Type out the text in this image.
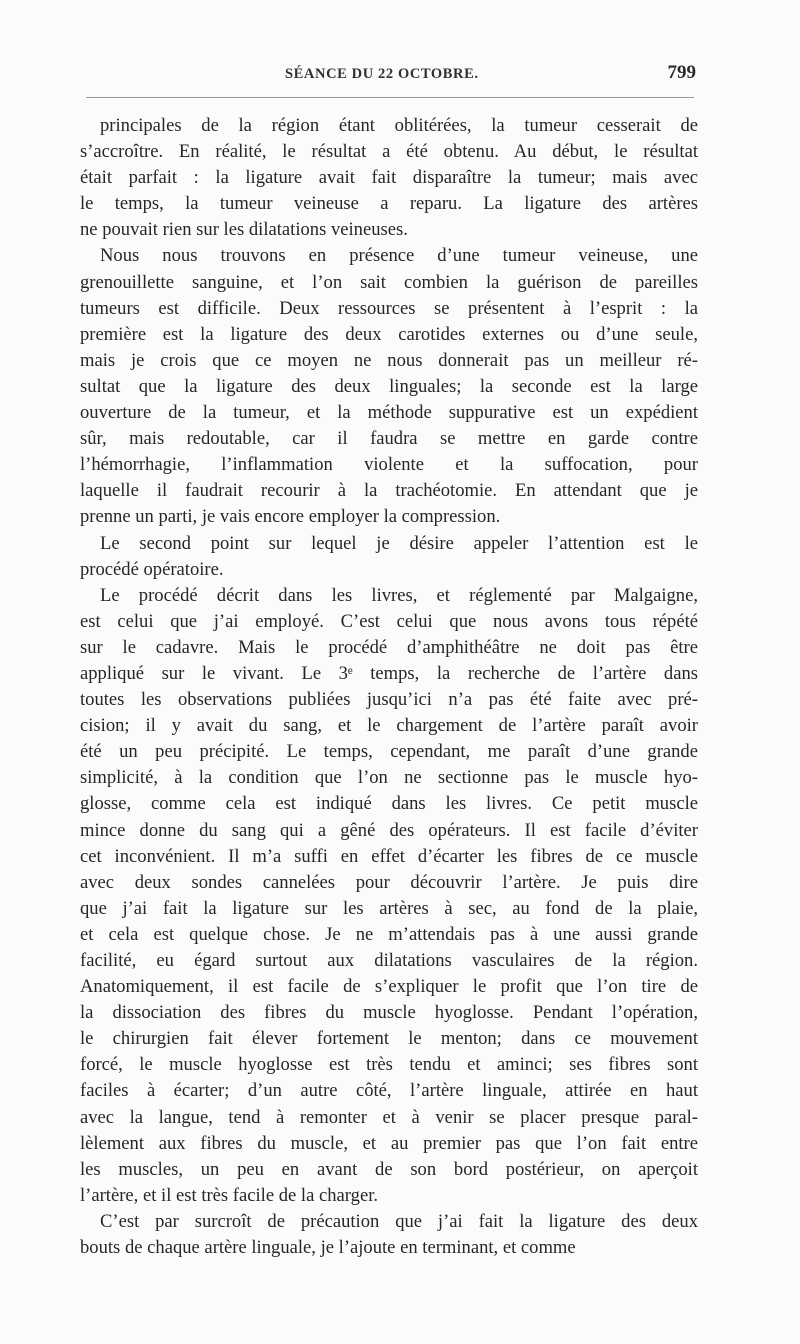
SÉANCE DU 22 OCTOBRE.	799

principales de la région étant oblitérées, la tumeur cesserait de
s’accroître. En réalité, le résultat a été obtenu. Au début, le résultat
était parfait : la ligature avait fait disparaître la tumeur; mais avec
le temps, la tumeur veineuse a reparu. La ligature des artères
ne pouvait rien sur les dilatations veineuses.

Nous nous trouvons en présence d’une tumeur veineuse, une
grenouillette sanguine, et l’on sait combien la guérison de pareilles
tumeurs est difficile. Deux ressources se présentent à l’esprit : la
première est la ligature des deux carotides externes ou d’une seule,
mais je crois que ce moyen ne nous donnerait pas un meilleur ré-
sultat que la ligature des deux linguales; la seconde est la large
ouverture de la tumeur, et la méthode suppurative est un expédient
sûr, mais redoutable, car il faudra se mettre en garde contre
l’hémorrhagie, l’inflammation violente et la suffocation, pour
laquelle il faudrait recourir à la trachéotomie. En attendant que je
prenne un parti, je vais encore employer la compression.

Le second point sur lequel je désire appeler l’attention est le
procédé opératoire.

Le procédé décrit dans les livres, et réglementé par Malgaigne,
est celui que j’ai employé. C’est celui que nous avons tous répété
sur le cadavre. Mais le procédé d’amphithéâtre ne doit pas être
appliqué sur le vivant. Le 3ᵉ temps, la recherche de l’artère dans
toutes les observations publiées jusqu’ici n’a pas été faite avec pré-
cision; il y avait du sang, et le chargement de l’artère paraît avoir
été un peu précipité. Le temps, cependant, me paraît d’une grande
simplicité, à la condition que l’on ne sectionne pas le muscle hyo-
glosse, comme cela est indiqué dans les livres. Ce petit muscle
mince donne du sang qui a gêné des opérateurs. Il est facile d’éviter
cet inconvénient. Il m’a suffi en effet d’écarter les fibres de ce muscle
avec deux sondes cannelées pour découvrir l’artère. Je puis dire
que j’ai fait la ligature sur les artères à sec, au fond de la plaie,
et cela est quelque chose. Je ne m’attendais pas à une aussi grande
facilité, eu égard surtout aux dilatations vasculaires de la région.
Anatomiquement, il est facile de s’expliquer le profit que l’on tire de
la dissociation des fibres du muscle hyoglosse. Pendant l’opération,
le chirurgien fait élever fortement le menton; dans ce mouvement
forcé, le muscle hyoglosse est très tendu et aminci; ses fibres sont
faciles à écarter; d’un autre côté, l’artère linguale, attirée en haut
avec la langue, tend à remonter et à venir se placer presque paral-
lèlement aux fibres du muscle, et au premier pas que l’on fait entre
les muscles, un peu en avant de son bord postérieur, on aperçoit
l’artère, et il est très facile de la charger.

C’est par surcroît de précaution que j’ai fait la ligature des deux
bouts de chaque artère linguale, je l’ajoute en terminant, et comme
